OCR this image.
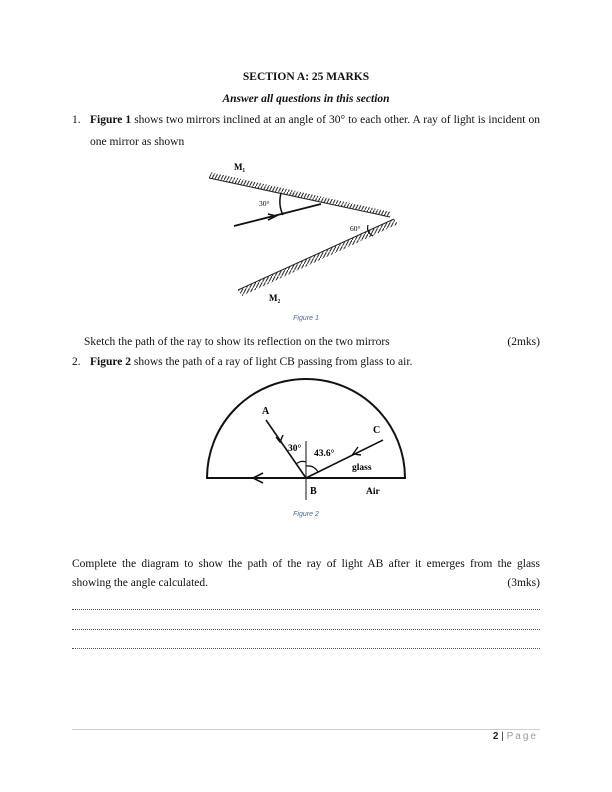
SECTION A: 25 MARKS
Answer all questions in this section
1. Figure 1 shows two mirrors inclined at an angle of 30° to each other. A ray of light is incident on one mirror as shown
30°
60°
M₁
M₂
Figure 1
Sketch the path of the ray to show its reflection on the two mirrors	(2mks)
2. Figure 2 shows the path of a ray of light CB passing from glass to air.
A
C
B
30° 43.6°
glass
Air
Figure 2
Complete the diagram to show the path of the ray of light AB after it emerges from the glass
showing the angle calculated.	(3mks)
2 | Page
